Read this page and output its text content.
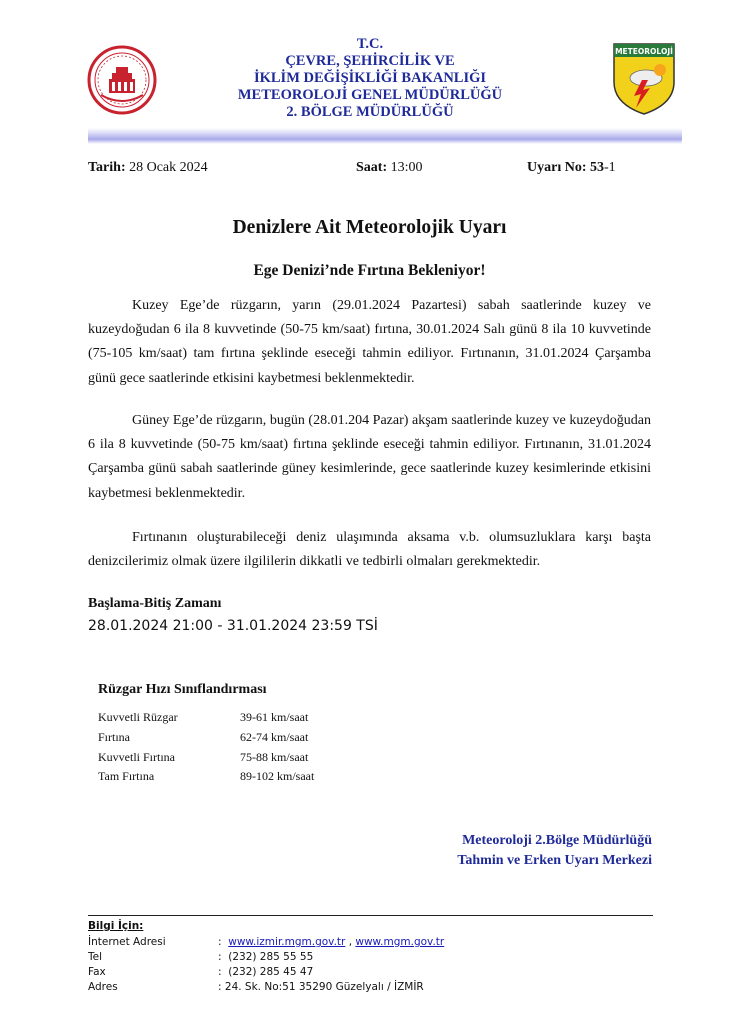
T.C.
ÇEVRE, ŞEHİRCİLİK VE
İKLİM DEĞİŞİKLİĞİ BAKANLIĞI
METEOROLOJİ GENEL MÜDÜRLÜĞÜ
2. BÖLGE MÜDÜRLÜĞÜ
METEOROLOJİ
Tarih: 28 Ocak 2024	Saat: 13:00	Uyarı No: 53-1
Denizlere Ait Meteorolojik Uyarı
Ege Denizi’nde Fırtına Bekleniyor!
Kuzey Ege’de rüzgarın, yarın (29.01.2024 Pazartesi) sabah saatlerinde kuzey ve kuzeydoğudan 6 ila 8 kuvvetinde (50-75 km/saat) fırtına, 30.01.2024 Salı günü 8 ila 10 kuvvetinde (75-105 km/saat) tam fırtına şeklinde eseceği tahmin ediliyor. Fırtınanın, 31.01.2024 Çarşamba günü gece saatlerinde etkisini kaybetmesi beklenmektedir.
Güney Ege’de rüzgarın, bugün (28.01.204 Pazar) akşam saatlerinde kuzey ve kuzeydoğudan 6 ila 8 kuvvetinde (50-75 km/saat) fırtına şeklinde eseceği tahmin ediliyor. Fırtınanın, 31.01.2024 Çarşamba günü sabah saatlerinde güney kesimlerinde, gece saatlerinde kuzey kesimlerinde etkisini kaybetmesi beklenmektedir.
Fırtınanın oluşturabileceği deniz ulaşımında aksama v.b. olumsuzluklara karşı başta denizcilerimiz olmak üzere ilgililerin dikkatli ve tedbirli olmaları gerekmektedir.
Başlama-Bitiş Zamanı
28.01.2024 21:00 - 31.01.2024 23:59 TSİ
Rüzgar Hızı Sınıflandırması
Kuvvetli Rüzgar	39-61 km/saat
Fırtına	62-74 km/saat
Kuvvetli Fırtına	75-88 km/saat
Tam Fırtına	89-102 km/saat
Meteoroloji 2.Bölge Müdürlüğü
Tahmin ve Erken Uyarı Merkezi
Bilgi İçin:
İnternet Adresi	: www.izmir.mgm.gov.tr , www.mgm.gov.tr
Tel	: (232) 285 55 55
Fax	: (232) 285 45 47
Adres	: 24. Sk. No:51 35290 Güzelyalı / İZMİR
